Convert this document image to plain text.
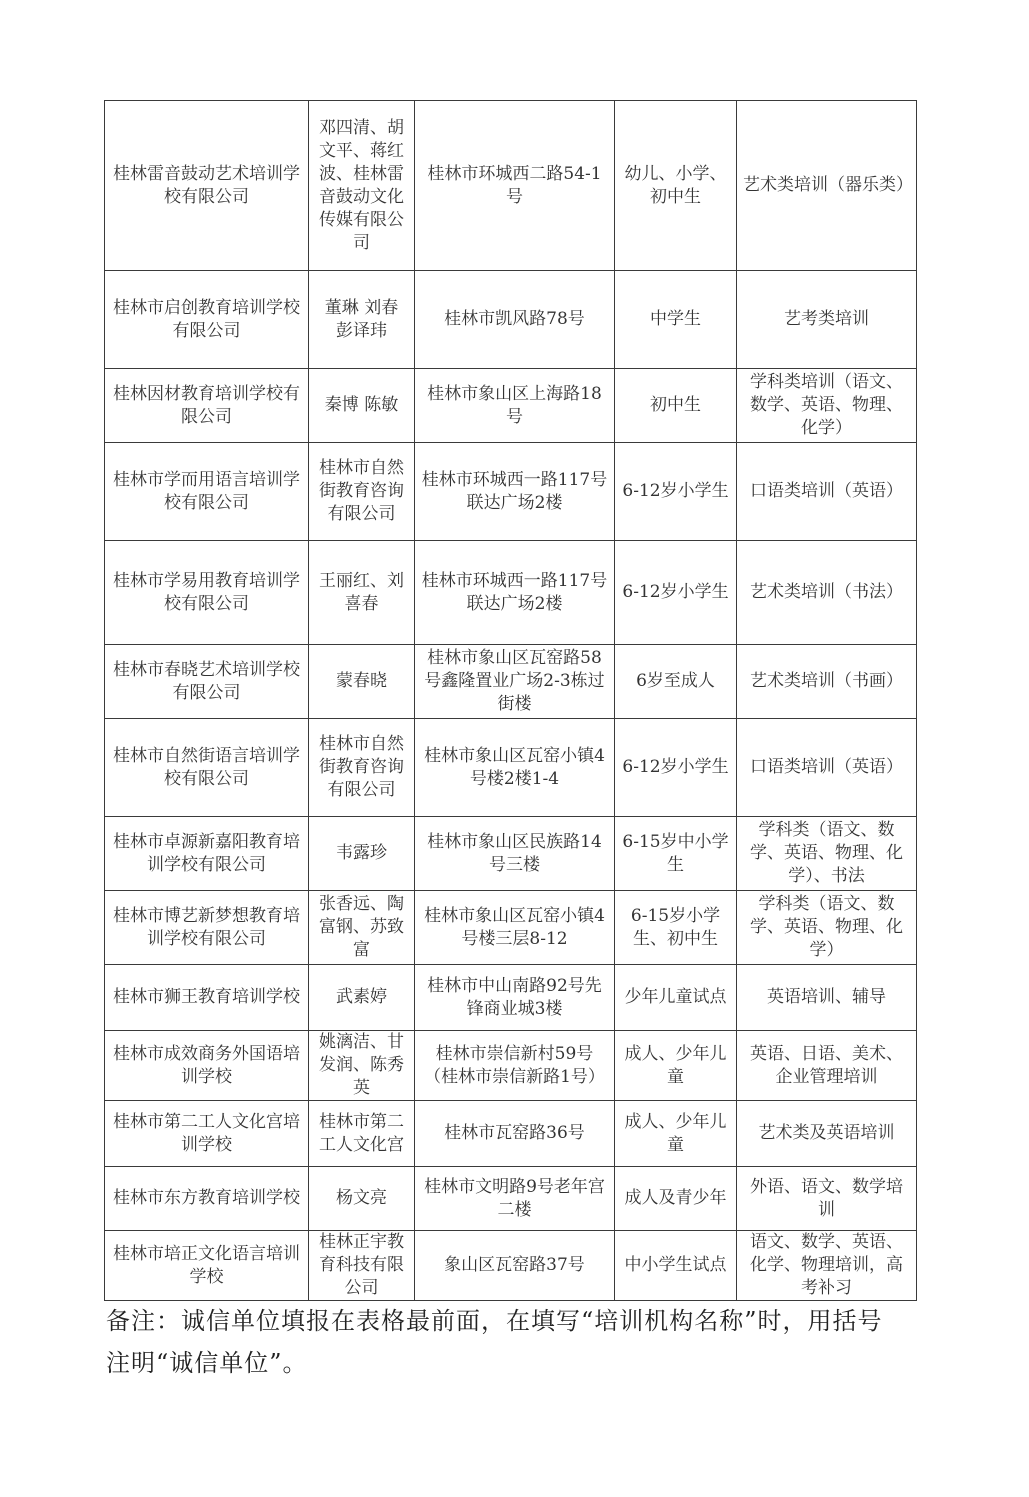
桂林雷音鼓动艺术培训学校有限公司	邓四清、胡文平、蒋红波、桂林雷音鼓动文化传媒有限公司	桂林市环城西二路54-1号	幼儿、小学、初中生	艺术类培训（器乐类）
桂林市启创教育培训学校有限公司	董琳 刘春 彭译玮	桂林市凯风路78号	中学生	艺考类培训
桂林因材教育培训学校有限公司	秦博 陈敏	桂林市象山区上海路18号	初中生	学科类培训（语文、数学、英语、物理、化学）
桂林市学而用语言培训学校有限公司	桂林市自然街教育咨询有限公司	桂林市环城西一路117号联达广场2楼	6-12岁小学生	口语类培训（英语）
桂林市学易用教育培训学校有限公司	王丽红、刘喜春	桂林市环城西一路117号联达广场2楼	6-12岁小学生	艺术类培训（书法）
桂林市春晓艺术培训学校有限公司	蒙春晓	桂林市象山区瓦窑路58号鑫隆置业广场2-3栋过街楼	6岁至成人	艺术类培训（书画）
桂林市自然街语言培训学校有限公司	桂林市自然街教育咨询有限公司	桂林市象山区瓦窑小镇4号楼2楼1-4	6-12岁小学生	口语类培训（英语）
桂林市卓源新嘉阳教育培训学校有限公司	韦露珍	桂林市象山区民族路14号三楼	6-15岁中小学生	学科类（语文、数学、英语、物理、化学）、书法
桂林市博艺新梦想教育培训学校有限公司	张香远、陶富钢、苏致富	桂林市象山区瓦窑小镇4号楼三层8-12	6-15岁小学生、初中生	学科类（语文、数学、英语、物理、化学）
桂林市狮王教育培训学校	武素婷	桂林市中山南路92号先锋商业城3楼	少年儿童试点	英语培训、辅导
桂林市成效商务外国语培训学校	姚漓洁、甘发润、陈秀英	桂林市崇信新村59号（桂林市崇信新路1号）	成人、少年儿童	英语、日语、美术、企业管理培训
桂林市第二工人文化宫培训学校	桂林市第二工人文化宫	桂林市瓦窑路36号	成人、少年儿童	艺术类及英语培训
桂林市东方教育培训学校	杨文亮	桂林市文明路9号老年宫二楼	成人及青少年	外语、语文、数学培训
桂林市培正文化语言培训学校	桂林正宇教育科技有限公司	象山区瓦窑路37号	中小学生试点	语文、数学、英语、化学、物理培训，高考补习
备注：诚信单位填报在表格最前面，在填写“培训机构名称”时，用括号注明“诚信单位”。
